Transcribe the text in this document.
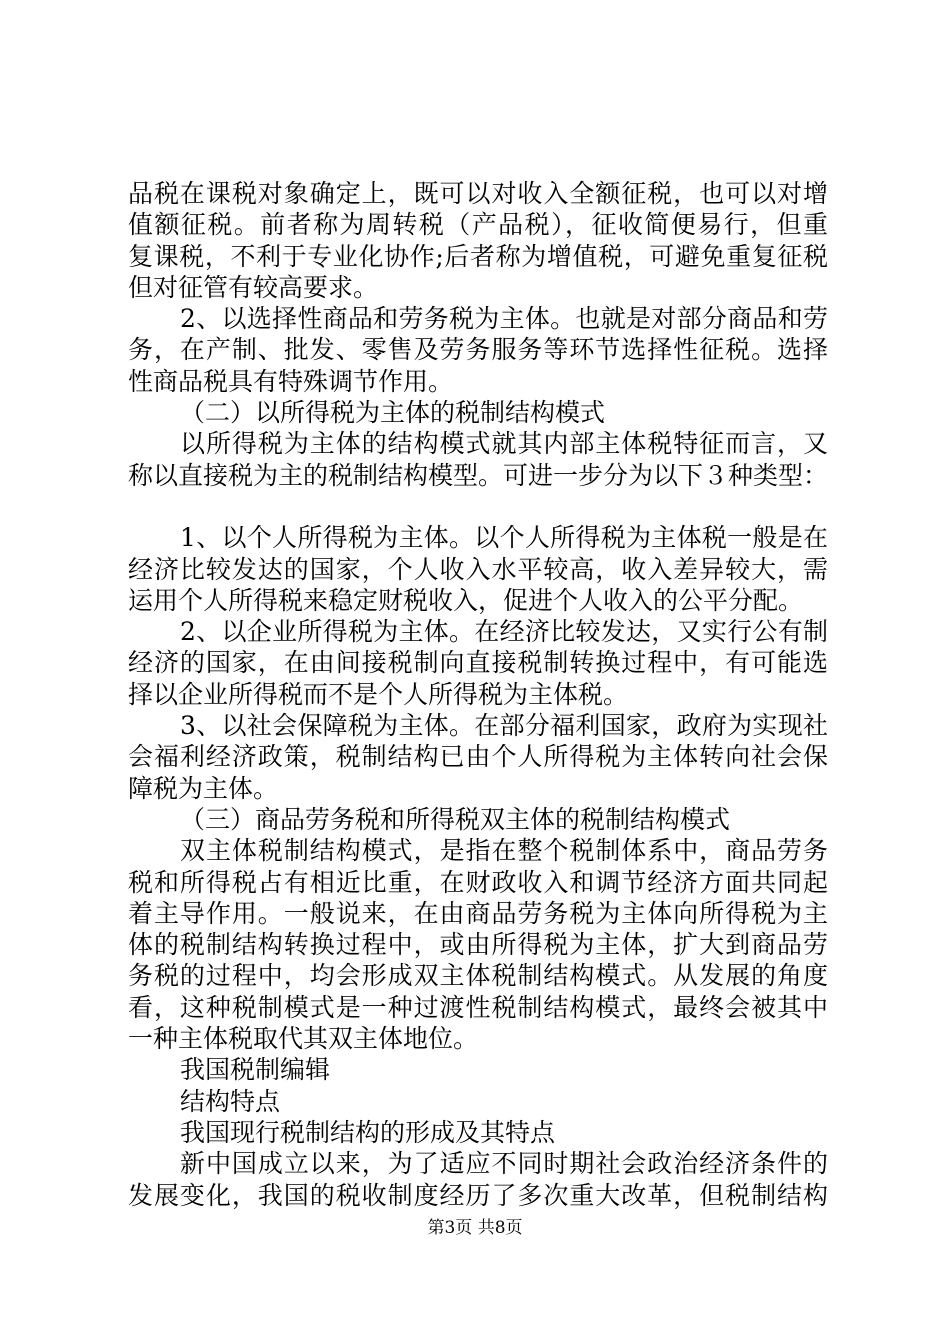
品税在课税对象确定上，既可以对收入全额征税，也可以对增
值额征税。前者称为周转税（产品税），征收简便易行，但重
复课税，不利于专业化协作;后者称为增值税，可避免重复征税
但对征管有较高要求。
2、以选择性商品和劳务税为主体。也就是对部分商品和劳
务，在产制、批发、零售及劳务服务等环节选择性征税。选择
性商品税具有特殊调节作用。
（二）以所得税为主体的税制结构模式
以所得税为主体的结构模式就其内部主体税特征而言，又
称以直接税为主的税制结构模型。可进一步分为以下３种类型：
1、以个人所得税为主体。以个人所得税为主体税一般是在
经济比较发达的国家，个人收入水平较高，收入差异较大，需
运用个人所得税来稳定财税收入，促进个人收入的公平分配。
2、以企业所得税为主体。在经济比较发达，又实行公有制
经济的国家，在由间接税制向直接税制转换过程中，有可能选
择以企业所得税而不是个人所得税为主体税。
3、以社会保障税为主体。在部分福利国家，政府为实现社
会福利经济政策，税制结构已由个人所得税为主体转向社会保
障税为主体。
（三）商品劳务税和所得税双主体的税制结构模式
双主体税制结构模式，是指在整个税制体系中，商品劳务
税和所得税占有相近比重，在财政收入和调节经济方面共同起
着主导作用。一般说来，在由商品劳务税为主体向所得税为主
体的税制结构转换过程中，或由所得税为主体，扩大到商品劳
务税的过程中，均会形成双主体税制结构模式。从发展的角度
看，这种税制模式是一种过渡性税制结构模式，最终会被其中
一种主体税取代其双主体地位。
我国税制编辑
结构特点
我国现行税制结构的形成及其特点
新中国成立以来，为了适应不同时期社会政治经济条件的
发展变化，我国的税收制度经历了多次重大改革，但税制结构
第3页 共8页
